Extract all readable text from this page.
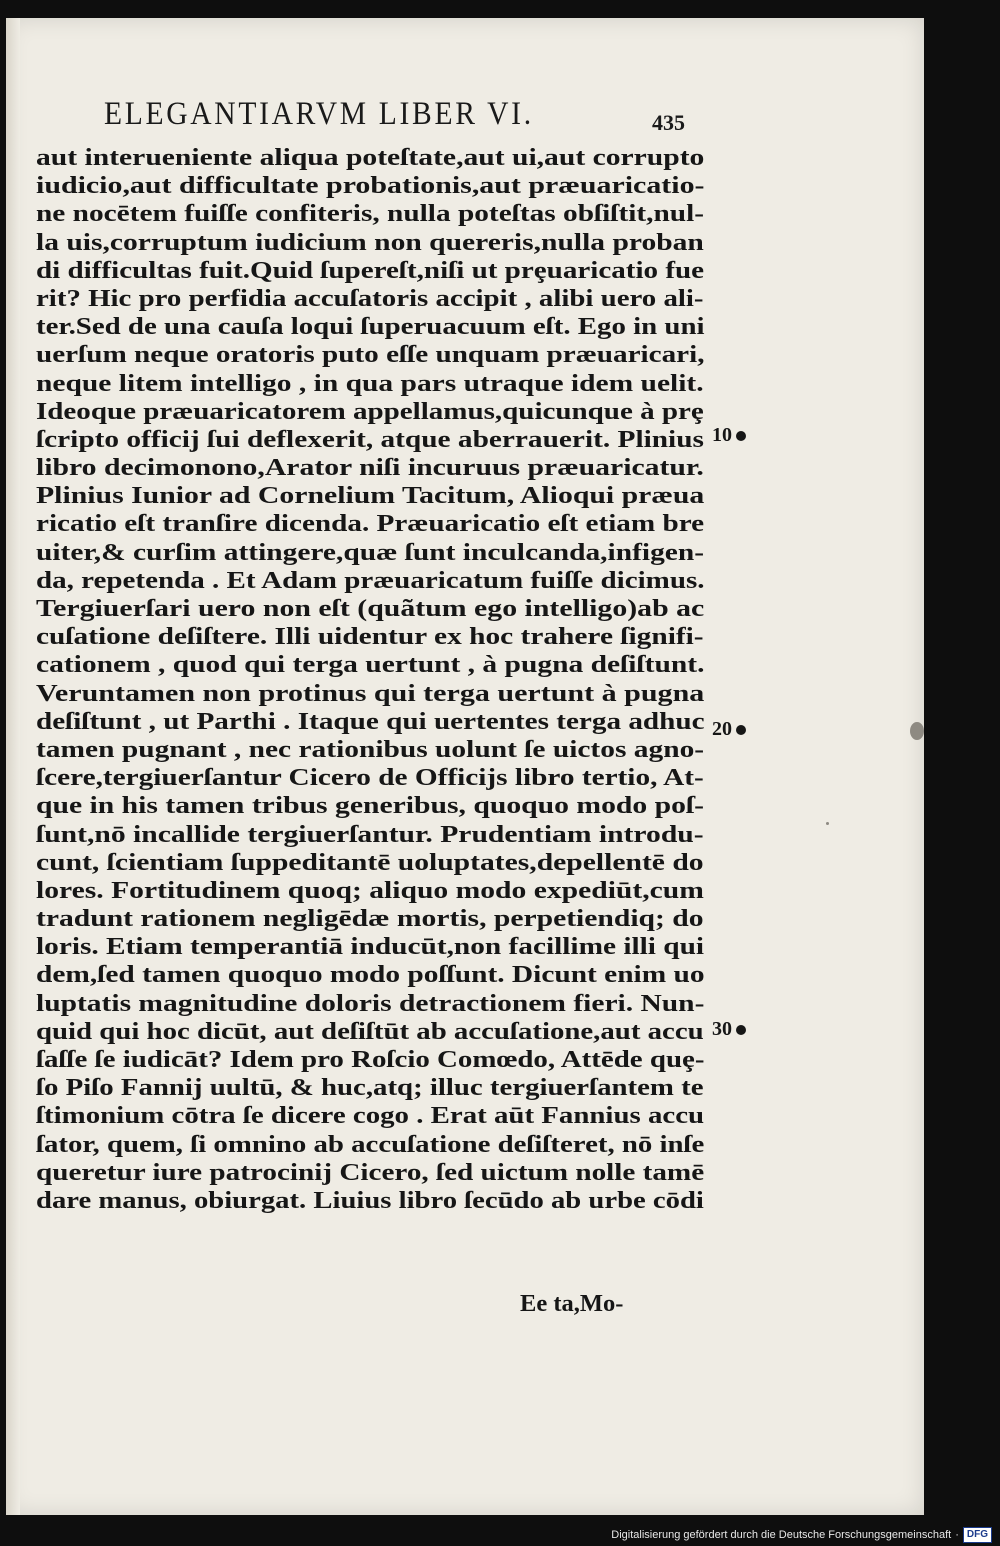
ELEGANTIARVM LIBER VI.	435
aut interueniente aliqua poteſtate,aut ui,aut corrupto
iudicio,aut difficultate probationis,aut præuaricatio-
ne nocētem fuiſſe confiteris, nulla poteſtas obſiſtit,nul-
la uis,corruptum iudicium non quereris,nulla proban
di difficultas fuit.Quid ſupereſt,niſi ut prȩuaricatio fue
rit? Hic pro perfidia accuſatoris accipit , alibi uero ali-
ter.Sed de una cauſa loqui ſuperuacuum eſt. Ego in uni
uerſum neque oratoris puto eſſe unquam præuaricari,
neque litem intelligo , in qua pars utraque idem uelit.
Ideoque præuaricatorem appellamus,quicunque à prȩ
ſcripto officij ſui deflexerit, atque aberrauerit. Plinius
libro decimonono,Arator niſi incuruus præuaricatur.
Plinius Iunior ad Cornelium Tacitum, Alioqui præua
ricatio eſt tranſire dicenda. Præuaricatio eſt etiam bre
uiter,& curſim attingere,quæ ſunt inculcanda,infigen-
da, repetenda . Et Adam præuaricatum fuiſſe dicimus.
Tergiuerſari uero non eſt (quãtum ego intelligo)ab ac
cuſatione deſiſtere. Illi uidentur ex hoc trahere ſignifi-
cationem , quod qui terga uertunt , à pugna deſiſtunt.
Veruntamen non protinus qui terga uertunt à pugna
deſiſtunt , ut Parthi . Itaque qui uertentes terga adhuc
tamen pugnant , nec rationibus uolunt ſe uictos agno-
ſcere,tergiuerſantur Cicero de Officijs libro tertio, At-
que in his tamen tribus generibus, quoquo modo poſ-
ſunt,nō incallide tergiuerſantur. Prudentiam introdu-
cunt, ſcientiam ſuppeditantē uoluptates,depellentē do
lores. Fortitudinem quoq; aliquo modo expediūt,cum
tradunt rationem negligēdæ mortis, perpetiendiq; do
loris. Etiam temperantiā inducūt,non facillime illi qui
dem,ſed tamen quoquo modo poſſunt. Dicunt enim uo
luptatis magnitudine doloris detractionem fieri. Nun-
quid qui hoc dicūt, aut deſiſtūt ab accuſatione,aut accu
ſaſſe ſe iudicāt? Idem pro Roſcio Comœdo, Attēde quȩ-
ſo Piſo Fannij uultū, & huc,atq; illuc tergiuerſantem te
ſtimonium cōtra ſe dicere cogo . Erat aūt Fannius accu
ſator, quem, ſi omnino ab accuſatione deſiſteret, nō inſe
queretur iure patrocinij Cicero, ſed uictum nolle tamē
dare manus, obiurgat. Liuius libro ſecūdo ab urbe cōdi
Ee ta,Mo-
10
20
30
Digitalisierung gefördert durch die Deutsche Forschungsgemeinschaft · DFG
